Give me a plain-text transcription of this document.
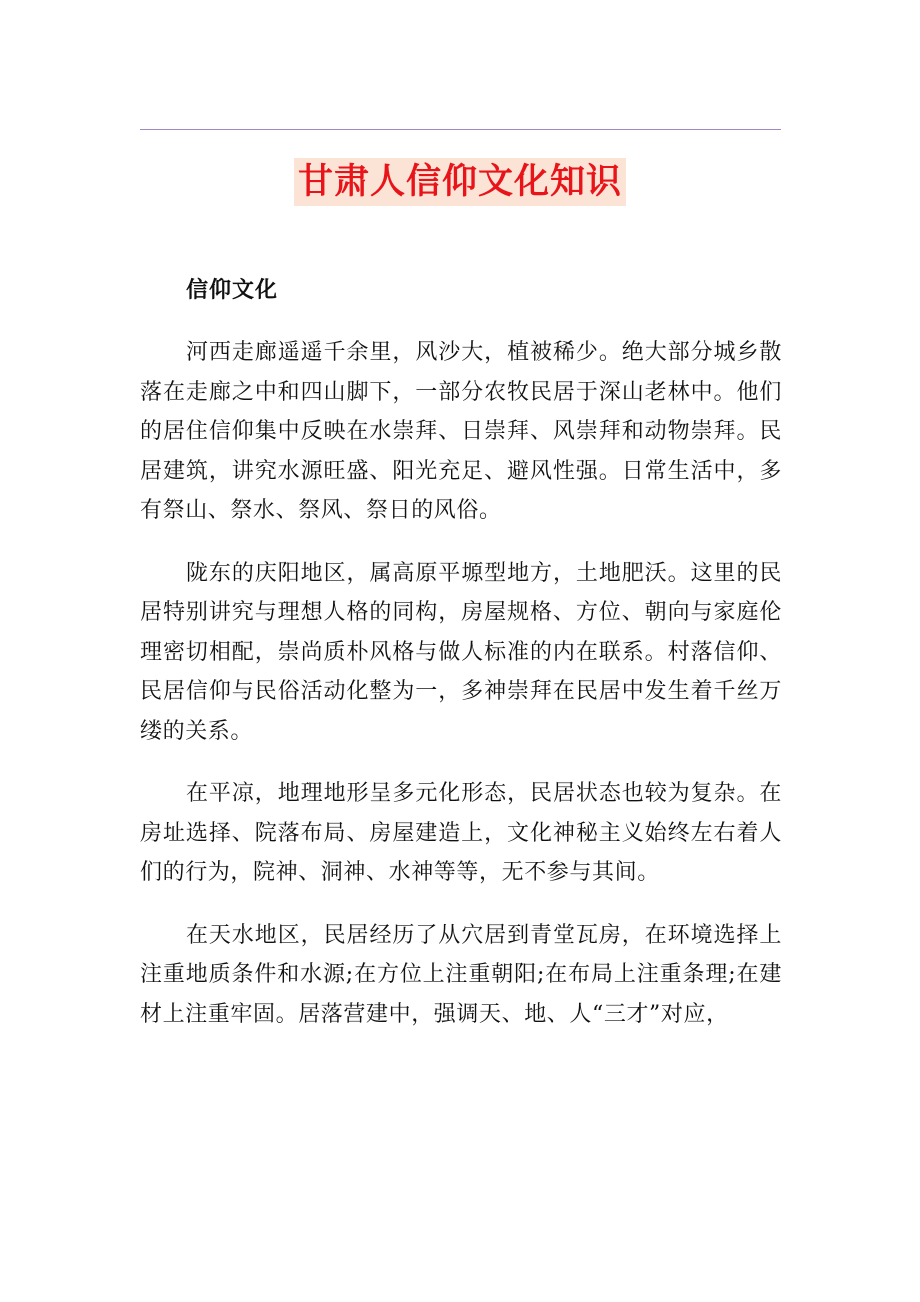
甘肃人信仰文化知识

信仰文化

河西走廊遥遥千余里，风沙大，植被稀少。绝大部分城乡散落在走廊之中和四山脚下，一部分农牧民居于深山老林中。他们的居住信仰集中反映在水崇拜、日崇拜、风崇拜和动物崇拜。民居建筑，讲究水源旺盛、阳光充足、避风性强。日常生活中，多有祭山、祭水、祭风、祭日的风俗。

陇东的庆阳地区，属高原平塬型地方，土地肥沃。这里的民居特别讲究与理想人格的同构，房屋规格、方位、朝向与家庭伦理密切相配，崇尚质朴风格与做人标准的内在联系。村落信仰、民居信仰与民俗活动化整为一，多神崇拜在民居中发生着千丝万缕的关系。

在平凉，地理地形呈多元化形态，民居状态也较为复杂。在房址选择、院落布局、房屋建造上，文化神秘主义始终左右着人们的行为，院神、洞神、水神等等，无不参与其间。

在天水地区，民居经历了从穴居到青堂瓦房，在环境选择上注重地质条件和水源;在方位上注重朝阳;在布局上注重条理;在建材上注重牢固。居落营建中，强调天、地、人“三才”对应，
